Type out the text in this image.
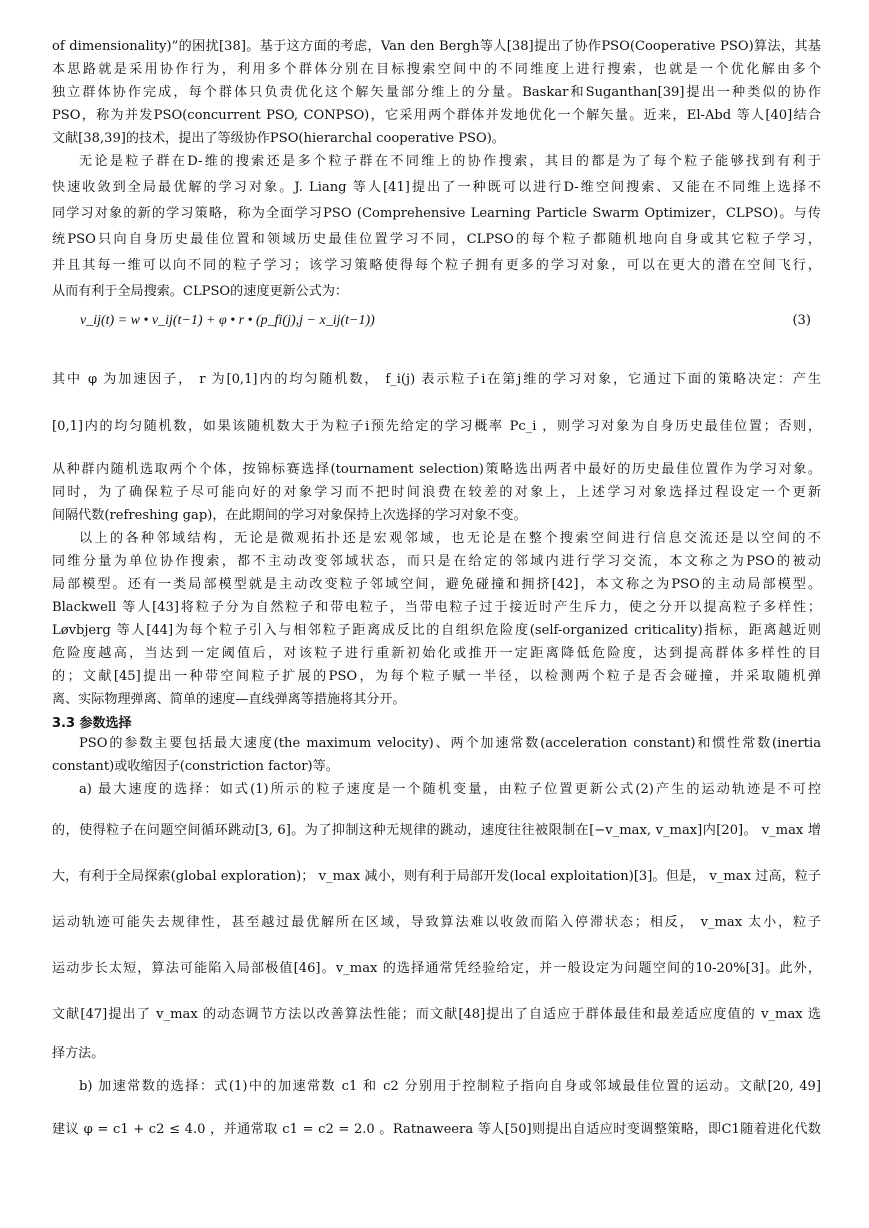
of dimensionality)”的困扰[38]。基于这方面的考虑，Van den Bergh等人[38]提出了协作PSO(Cooperative PSO)算法，其基
本思路就是采用协作行为，利用多个群体分别在目标搜索空间中的不同维度上进行搜索，也就是一个优化解由多个
独立群体协作完成，每个群体只负责优化这个解矢量部分维上的分量。Baskar和Suganthan[39]提出一种类似的协作
PSO，称为并发PSO(concurrent PSO, CONPSO)，它采用两个群体并发地优化一个解矢量。近来，El-Abd 等人[40]结合
文献[38,39]的技术，提出了等级协作PSO(hierarchal cooperative PSO)。
无论是粒子群在D-维的搜索还是多个粒子群在不同维上的协作搜索，其目的都是为了每个粒子能够找到有利于
快速收敛到全局最优解的学习对象。J. Liang 等人[41]提出了一种既可以进行D-维空间搜索、又能在不同维上选择不
同学习对象的新的学习策略，称为全面学习PSO (Comprehensive Learning Particle Swarm Optimizer，CLPSO)。与传
统PSO只向自身历史最佳位置和领域历史最佳位置学习不同，CLPSO的每个粒子都随机地向自身或其它粒子学习，
并且其每一维可以向不同的粒子学习；该学习策略使得每个粒子拥有更多的学习对象，可以在更大的潜在空间飞行，
从而有利于全局搜索。CLPSO的速度更新公式为：
v_ij(t) = w • v_ij(t−1) + φ • r • (p_fi(j),j − x_ij(t−1))	(3)
其中 φ 为加速因子， r 为[0,1]内的均匀随机数， f_i(j) 表示粒子i在第j维的学习对象，它通过下面的策略决定：产生
[0,1]内的均匀随机数，如果该随机数大于为粒子i预先给定的学习概率 Pc_i ，则学习对象为自身历史最佳位置；否则，
从种群内随机选取两个个体，按锦标赛选择(tournament selection)策略选出两者中最好的历史最佳位置作为学习对象。
同时，为了确保粒子尽可能向好的对象学习而不把时间浪费在较差的对象上，上述学习对象选择过程设定一个更新
间隔代数(refreshing gap)，在此期间的学习对象保持上次选择的学习对象不变。
以上的各种邻域结构，无论是微观拓扑还是宏观邻域，也无论是在整个搜索空间进行信息交流还是以空间的不
同维分量为单位协作搜索，都不主动改变邻域状态，而只是在给定的邻域内进行学习交流，本文称之为PSO的被动
局部模型。还有一类局部模型就是主动改变粒子邻域空间，避免碰撞和拥挤[42]，本文称之为PSO的主动局部模型。
Blackwell 等人[43]将粒子分为自然粒子和带电粒子，当带电粒子过于接近时产生斥力，使之分开以提高粒子多样性；
Løvbjerg 等人[44]为每个粒子引入与相邻粒子距离成反比的自组织危险度(self-organized criticality)指标，距离越近则
危险度越高，当达到一定阈值后，对该粒子进行重新初始化或推开一定距离降低危险度，达到提高群体多样性的目
的；文献[45]提出一种带空间粒子扩展的PSO，为每个粒子赋一半径，以检测两个粒子是否会碰撞，并采取随机弹
离、实际物理弹离、简单的速度—直线弹离等措施将其分开。
3.3 参数选择
PSO的参数主要包括最大速度(the maximum velocity)、两个加速常数(acceleration constant)和惯性常数(inertia
constant)或收缩因子(constriction factor)等。
a) 最大速度的选择：如式(1)所示的粒子速度是一个随机变量，由粒子位置更新公式(2)产生的运动轨迹是不可控
的，使得粒子在问题空间循环跳动[3, 6]。为了抑制这种无规律的跳动，速度往往被限制在[−v_max, v_max]内[20]。 v_max 增
大，有利于全局探索(global exploration)； v_max 减小，则有利于局部开发(local exploitation)[3]。但是， v_max 过高，粒子
运动轨迹可能失去规律性，甚至越过最优解所在区域，导致算法难以收敛而陷入停滞状态；相反， v_max 太小，粒子
运动步长太短，算法可能陷入局部极值[46]。v_max 的选择通常凭经验给定，并一般设定为问题空间的10-20%[3]。此外，
文献[47]提出了 v_max 的动态调节方法以改善算法性能；而文献[48]提出了自适应于群体最佳和最差适应度值的 v_max 选
择方法。
b) 加速常数的选择：式(1)中的加速常数 c1 和 c2 分别用于控制粒子指向自身或邻域最佳位置的运动。文献[20, 49]
建议 φ = c1 + c2 ≤ 4.0 ，并通常取 c1 = c2 = 2.0 。Ratnaweera 等人[50]则提出自适应时变调整策略，即C1随着进化代数
